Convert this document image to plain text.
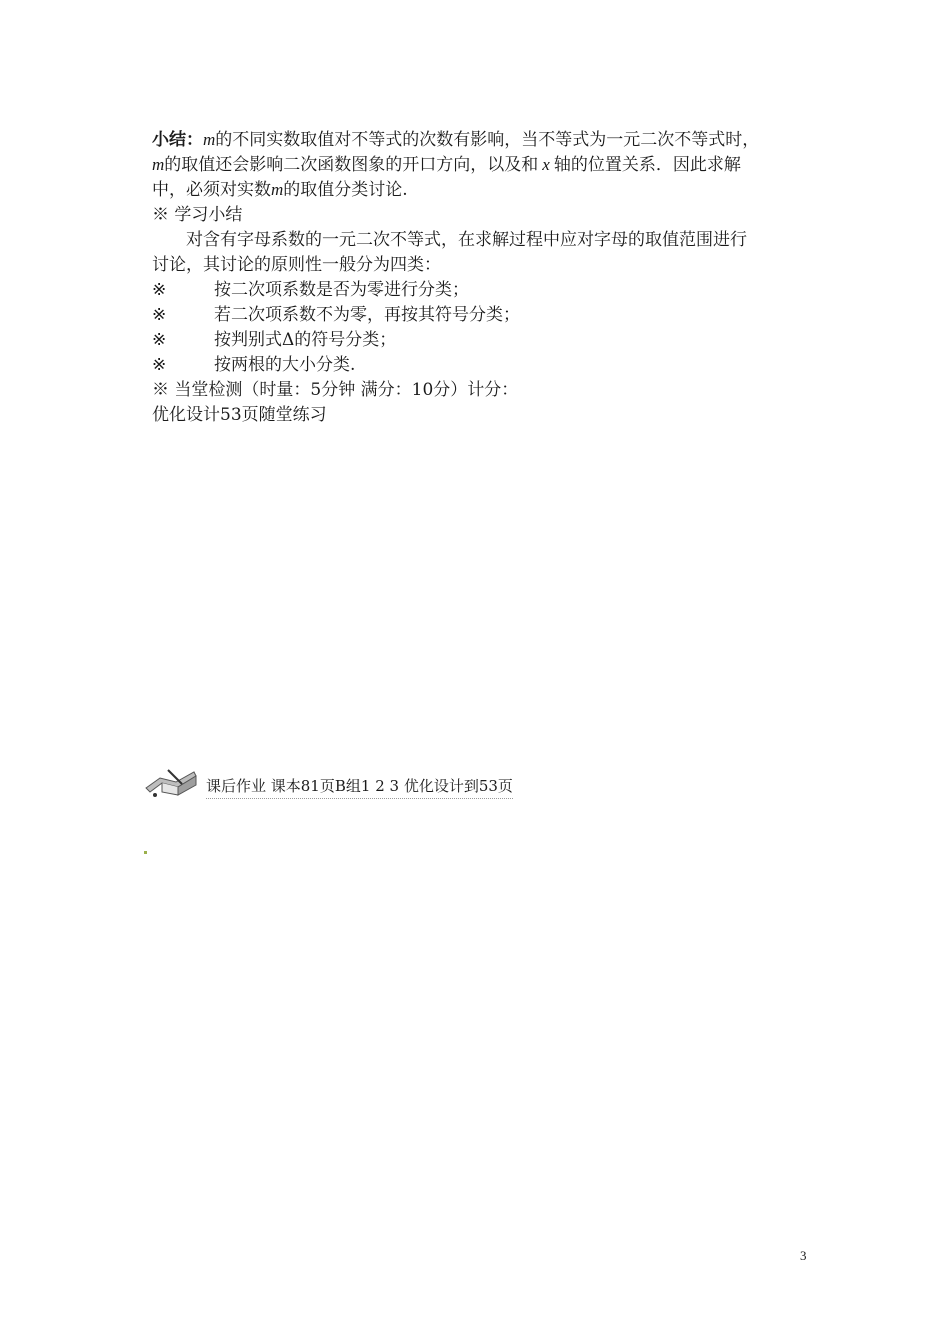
小结：m的不同实数取值对不等式的次数有影响，当不等式为一元二次不等式时，
m的取值还会影响二次函数图象的开口方向，以及和 x 轴的位置关系．因此求解
中，必须对实数m的取值分类讨论.
※ 学习小结
对含有字母系数的一元二次不等式，在求解过程中应对字母的取值范围进行
讨论，其讨论的原则性一般分为四类：
※	按二次项系数是否为零进行分类；
※	若二次项系数不为零，再按其符号分类；
※	按判别式Δ的符号分类；
※	按两根的大小分类.
※ 当堂检测（时量：5分钟 满分：10分）计分：
优化设计53页随堂练习
课后作业 课本81页B组1 2 3 优化设计到53页
3
